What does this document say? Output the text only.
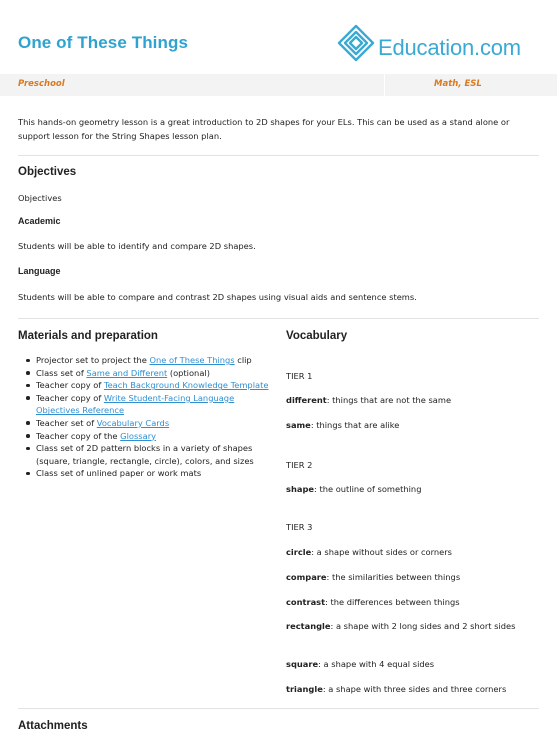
One of These Things	Education.com
Preschool	Math, ESL
This hands-on geometry lesson is a great introduction to 2D shapes for your ELs. This can be used as a stand alone or support lesson for the String Shapes lesson plan.
Objectives
Objectives
Academic
Students will be able to identify and compare 2D shapes.
Language
Students will be able to compare and contrast 2D shapes using visual aids and sentence stems.
Materials and preparation
Projector set to project the One of These Things clip
Class set of Same and Different (optional)
Teacher copy of Teach Background Knowledge Template
Teacher copy of Write Student-Facing Language Objectives Reference
Teacher set of Vocabulary Cards
Teacher copy of the Glossary
Class set of 2D pattern blocks in a variety of shapes (square, triangle, rectangle, circle), colors, and sizes
Class set of unlined paper or work mats
Vocabulary
TIER 1
different: things that are not the same
same: things that are alike
TIER 2
shape: the outline of something
TIER 3
circle: a shape without sides or corners
compare: the similarities between things
contrast: the differences between things
rectangle: a shape with 2 long sides and 2 short sides
square: a shape with 4 equal sides
triangle: a shape with three sides and three corners
Attachments
